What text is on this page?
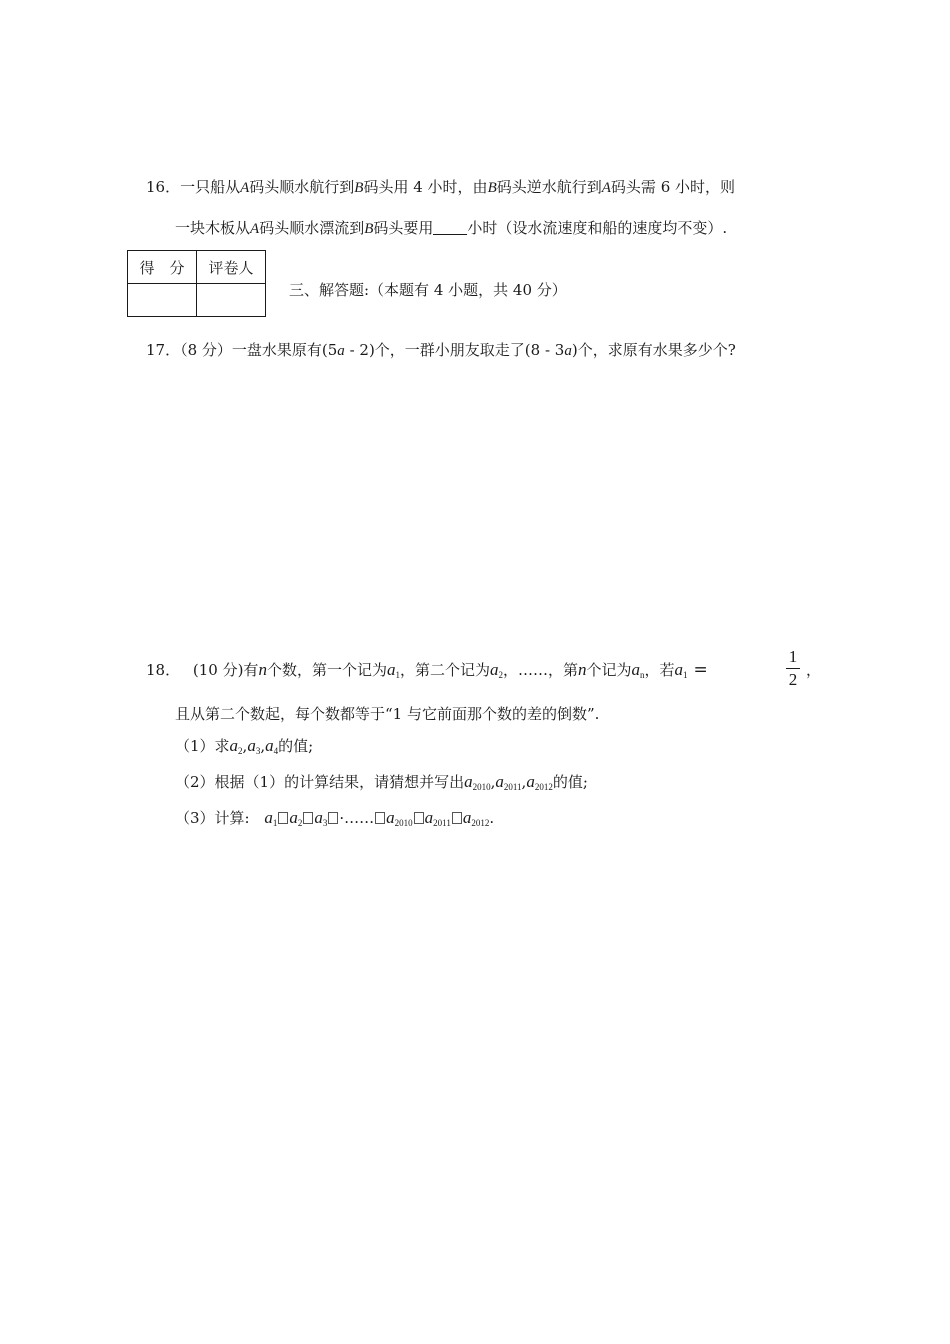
16．一只船从A码头顺水航行到B码头用 4 小时，由B码头逆水航行到A码头需 6 小时，则
一块木板从A码头顺水漂流到B码头要用 小时（设水流速度和船的速度均不变）.
得　分	评卷人

三、解答题:（本题有 4 小题，共 40 分）
17．（8 分）一盘水果原有(5a - 2)个，一群小朋友取走了(8 - 3a)个，求原有水果多少个?
18． (10 分)有n个数，第一个记为$a_1$，第二个记为$a_2$，……，第n个记为$a_n$，若$a_1$ =
1
2 ，
且从第二个数起，每个数都等于“1 与它前面那个数的差的倒数”.
（1）求$a_2,a_3,a_4$的值;
（2）根据（1）的计算结果，请猜想并写出$a_{2010},a_{2011},a_{2012}$的值;
（3）计算: $a_1$ $a_2$ $a_3$ ·…… $a_{2010}$ $a_{2011}$ $a_{2012}$.
